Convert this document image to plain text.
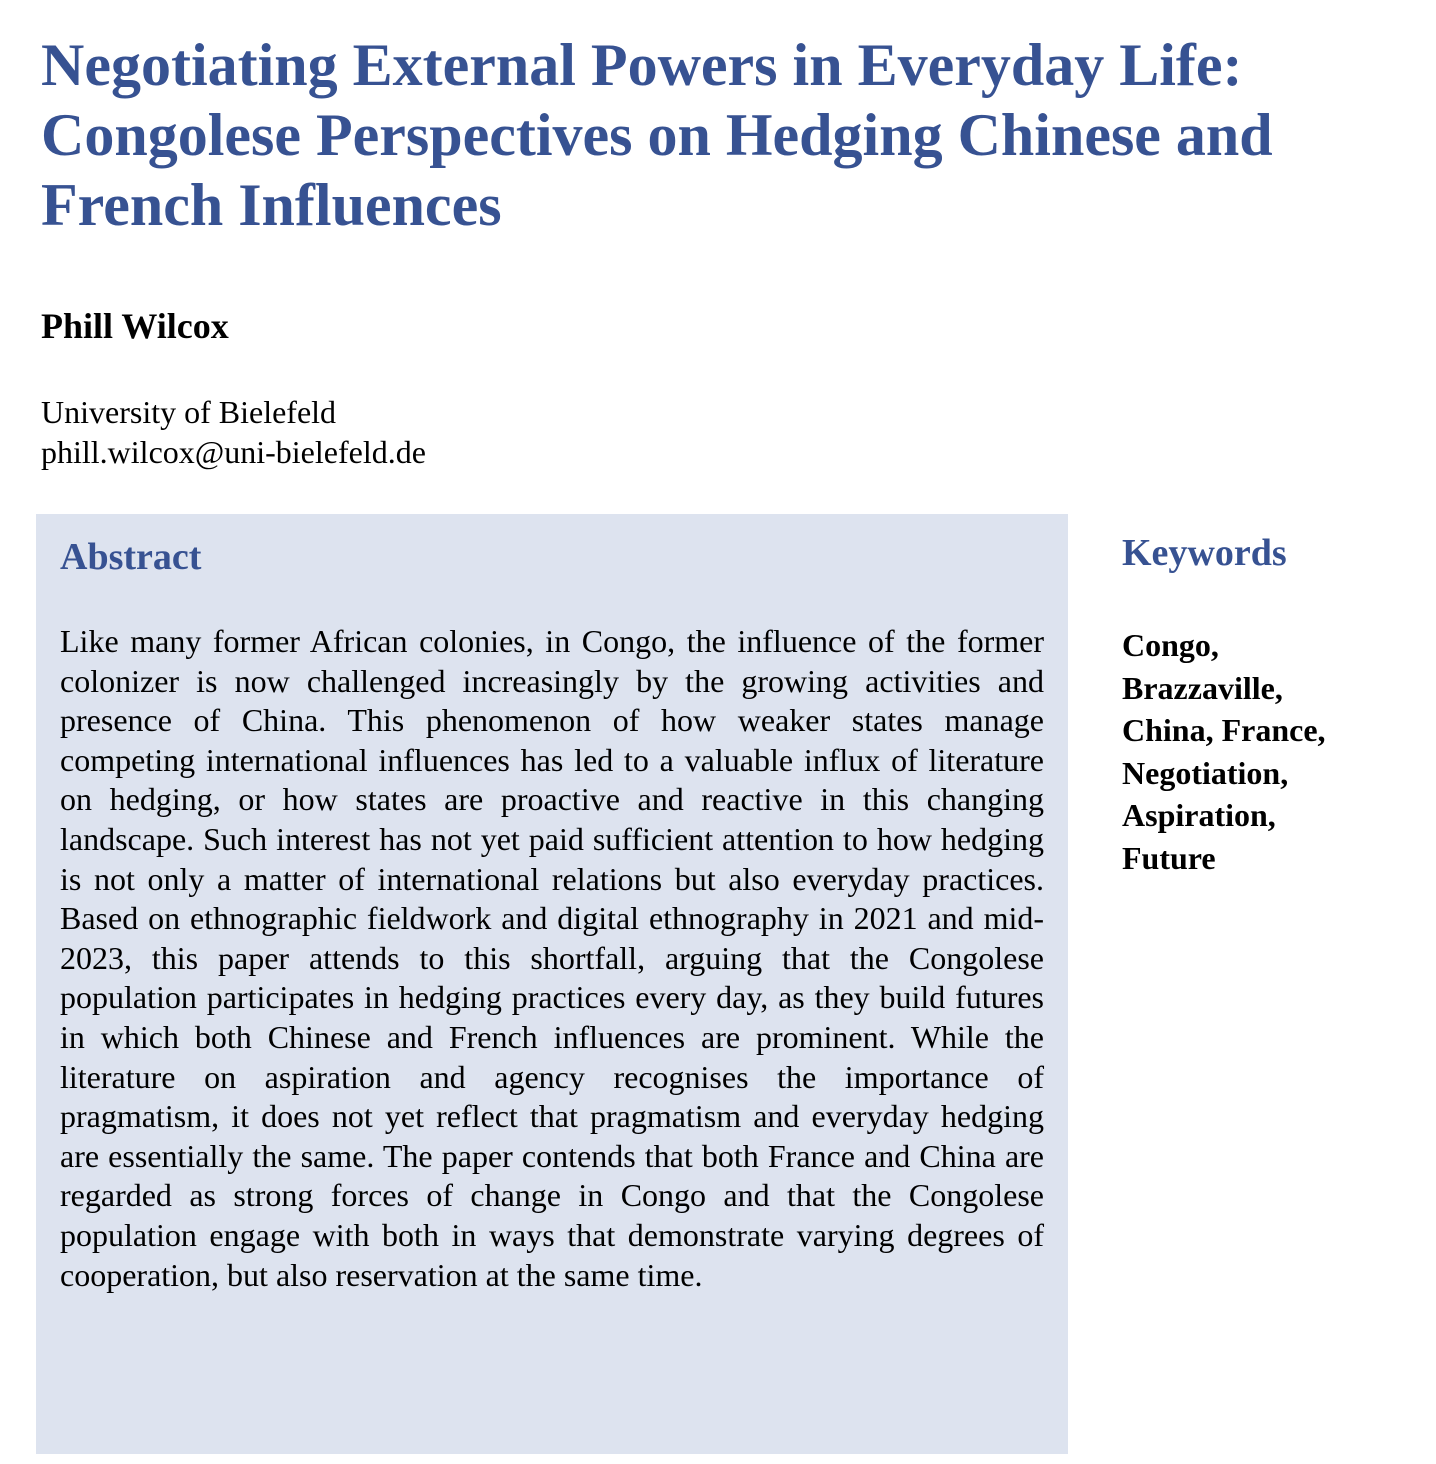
Negotiating External Powers in Everyday Life: Congolese Perspectives on Hedging Chinese and French Influences
Phill Wilcox
University of Bielefeld
phill.wilcox@uni-bielefeld.de
Abstract

Like many former African colonies, in Congo, the influence of the former colonizer is now challenged increasingly by the growing activities and presence of China. This phenomenon of how weaker states manage competing international influences has led to a valuable influx of literature on hedging, or how states are proactive and reactive in this changing landscape. Such interest has not yet paid sufficient attention to how hedging is not only a matter of international relations but also everyday practices. Based on ethnographic fieldwork and digital ethnography in 2021 and mid-2023, this paper attends to this shortfall, arguing that the Congolese population participates in hedging practices every day, as they build futures in which both Chinese and French influences are prominent. While the literature on aspiration and agency recognises the importance of pragmatism, it does not yet reflect that pragmatism and everyday hedging are essentially the same. The paper contends that both France and China are regarded as strong forces of change in Congo and that the Congolese population engage with both in ways that demonstrate varying degrees of cooperation, but also reservation at the same time.

Keywords
Congo,
Brazzaville,
China, France,
Negotiation,
Aspiration,
Future
